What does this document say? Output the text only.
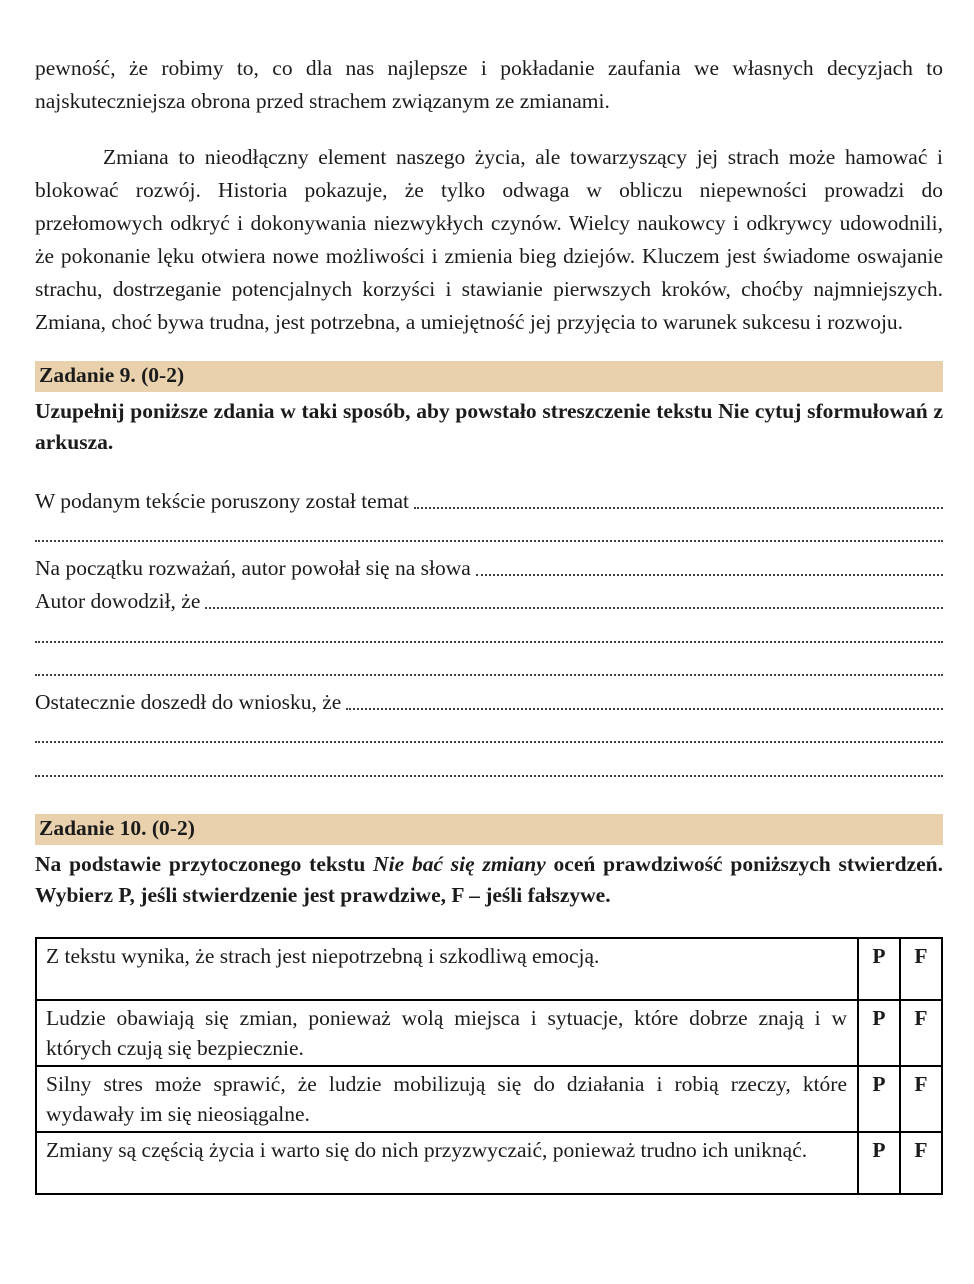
pewność, że robimy to, co dla nas najlepsze i pokładanie zaufania we własnych decyzjach to najskuteczniejsza obrona przed strachem związanym ze zmianami.

Zmiana to nieodłączny element naszego życia, ale towarzyszący jej strach może hamować i blokować rozwój. Historia pokazuje, że tylko odwaga w obliczu niepewności prowadzi do przełomowych odkryć i dokonywania niezwykłych czynów. Wielcy naukowcy i odkrywcy udowodnili, że pokonanie lęku otwiera nowe możliwości i zmienia bieg dziejów. Kluczem jest świadome oswajanie strachu, dostrzeganie potencjalnych korzyści i stawianie pierwszych kroków, choćby najmniejszych. Zmiana, choć bywa trudna, jest potrzebna, a umiejętność jej przyjęcia to warunek sukcesu i rozwoju.

Zadanie 9. (0-2)
Uzupełnij poniższe zdania w taki sposób, aby powstało streszczenie tekstu Nie cytuj sformułowań z arkusza.
W podanym tekście poruszony został temat
Na początku rozważań, autor powołał się na słowa
Autor dowodził, że
Ostatecznie doszedł do wniosku, że
Zadanie 10. (0-2)
Na podstawie przytoczonego tekstu Nie bać się zmiany oceń prawdziwość poniższych stwierdzeń. Wybierz P, jeśli stwierdzenie jest prawdziwe, F – jeśli fałszywe.
Z tekstu wynika, że strach jest niepotrzebną i szkodliwą emocją.	P	F
Ludzie obawiają się zmian, ponieważ wolą miejsca i sytuacje, które dobrze znają i w których czują się bezpiecznie.	P	F
Silny stres może sprawić, że ludzie mobilizują się do działania i robią rzeczy, które wydawały im się nieosiągalne.	P	F
Zmiany są częścią życia i warto się do nich przyzwyczaić, ponieważ trudno ich uniknąć.	P	F
